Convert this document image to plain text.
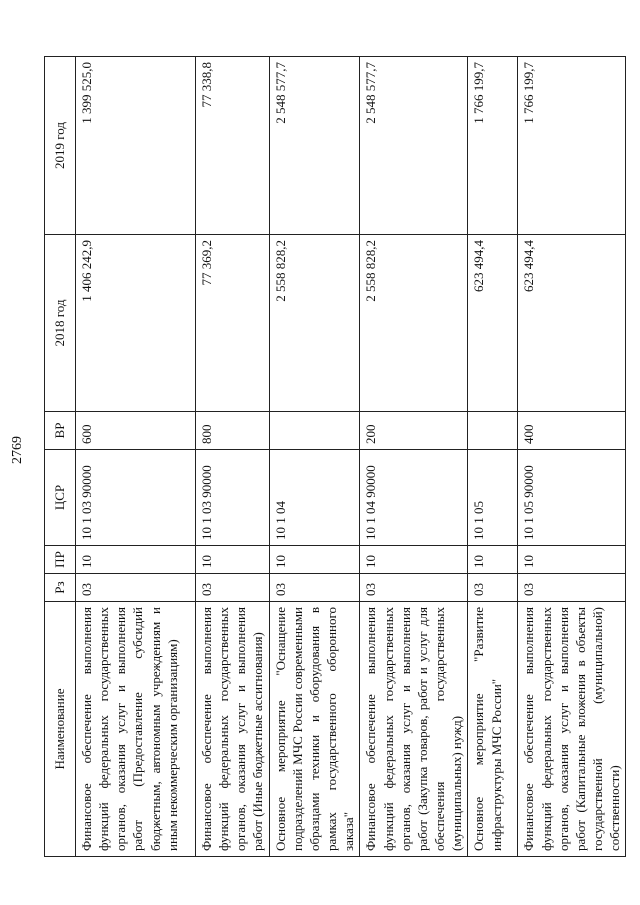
2769
Наименование	Рз	ПР	ЦСР	ВР	2018 год	2019 год
Финансовое обеспечение выполнения функций федеральных государственных органов, оказания услуг и выполнения работ (Предоставление субсидий бюджетным, автономным учреждениям и иным некоммерческим организациям)	03	10	10 1 03 90000	600	1 406 242,9	1 399 525,0
Финансовое обеспечение выполнения функций федеральных государственных органов, оказания услуг и выполнения работ (Иные бюджетные ассигнования)	03	10	10 1 03 90000	800	77 369,2	77 338,8
Основное мероприятие "Оснащение подразделений МЧС России современными образцами техники и оборудования в рамках государственного оборонного заказа"	03	10	10 1 04		2 558 828,2	2 548 577,7
Финансовое обеспечение выполнения функций федеральных государственных органов, оказания услуг и выполнения работ (Закупка товаров, работ и услуг для обеспечения государственных (муниципальных) нужд)	03	10	10 1 04 90000	200	2 558 828,2	2 548 577,7
Основное мероприятие "Развитие инфраструктуры МЧС России"	03	10	10 1 05		623 494,4	1 766 199,7
Финансовое обеспечение выполнения функций федеральных государственных органов, оказания услуг и выполнения работ (Капитальные вложения в объекты государственной (муниципальной) собственности)	03	10	10 1 05 90000	400	623 494,4	1 766 199,7
